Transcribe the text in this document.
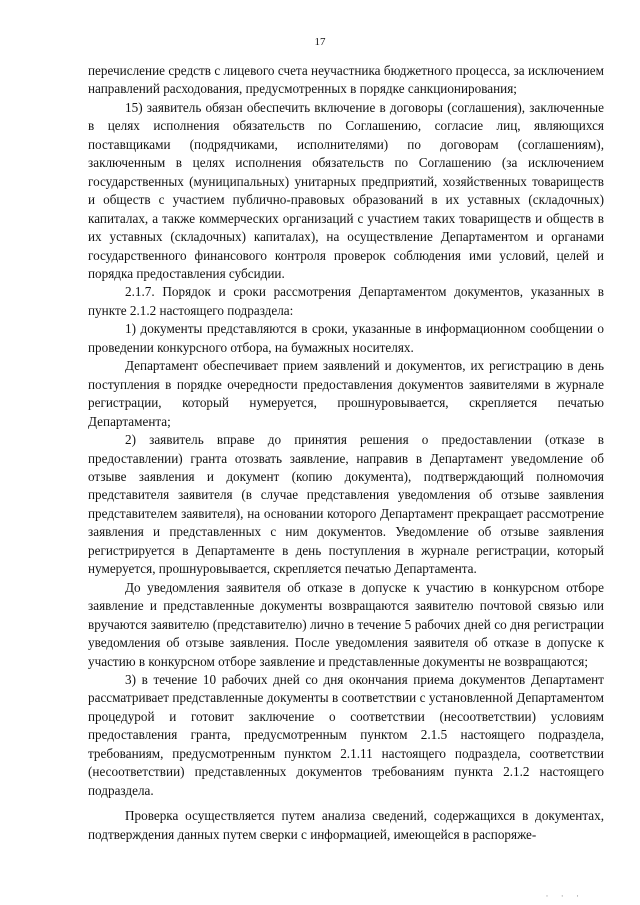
17

перечисление средств с лицевого счета неучастника бюджетного процесса, за исключением направлений расходования, предусмотренных в порядке санкционирования;

15) заявитель обязан обеспечить включение в договоры (соглашения), заключенные в целях исполнения обязательств по Соглашению, согласие лиц, являющихся поставщиками (подрядчиками, исполнителями) по договорам (соглашениям), заключенным в целях исполнения обязательств по Соглашению (за исключением государственных (муниципальных) унитарных предприятий, хозяйственных товариществ и обществ с участием публично-правовых образований в их уставных (складочных) капиталах, а также коммерческих организаций с участием таких товариществ и обществ в их уставных (складочных) капиталах), на осуществление Департаментом и органами государственного финансового контроля проверок соблюдения ими условий, целей и порядка предоставления субсидии.

2.1.7. Порядок и сроки рассмотрения Департаментом документов, указанных в пункте 2.1.2 настоящего подраздела:

1) документы представляются в сроки, указанные в информационном сообщении о проведении конкурсного отбора, на бумажных носителях.

Департамент обеспечивает прием заявлений и документов, их регистрацию в день поступления в порядке очередности предоставления документов заявителями в журнале регистрации, который нумеруется, прошнуровывается, скрепляется печатью Департамента;

2) заявитель вправе до принятия решения о предоставлении (отказе в предоставлении) гранта отозвать заявление, направив в Департамент уведомление об отзыве заявления и документ (копию документа), подтверждающий полномочия представителя заявителя (в случае представления уведомления об отзыве заявления представителем заявителя), на основании которого Департамент прекращает рассмотрение заявления и представленных с ним документов. Уведомление об отзыве заявления регистрируется в Департаменте в день поступления в журнале регистрации, который нумеруется, прошнуровывается, скрепляется печатью Департамента.

До уведомления заявителя об отказе в допуске к участию в конкурсном отборе заявление и представленные документы возвращаются заявителю почтовой связью или вручаются заявителю (представителю) лично в течение 5 рабочих дней со дня регистрации уведомления об отзыве заявления. После уведомления заявителя об отказе в допуске к участию в конкурсном отборе заявление и представленные документы не возвращаются;

3) в течение 10 рабочих дней со дня окончания приема документов Департамент рассматривает представленные документы в соответствии с установленной Департаментом процедурой и готовит заключение о соответствии (несоответствии) условиям предоставления гранта, предусмотренным пунктом 2.1.5 настоящего подраздела, требованиям, предусмотренным пунктом 2.1.11 настоящего подраздела, соответствии (несоответствии) представленных документов требованиям пункта 2.1.2 настоящего подраздела.

Проверка осуществляется путем анализа сведений, содержащихся в документах, подтверждения данных путем сверки с информацией, имеющейся в распоряже-

· · ·
